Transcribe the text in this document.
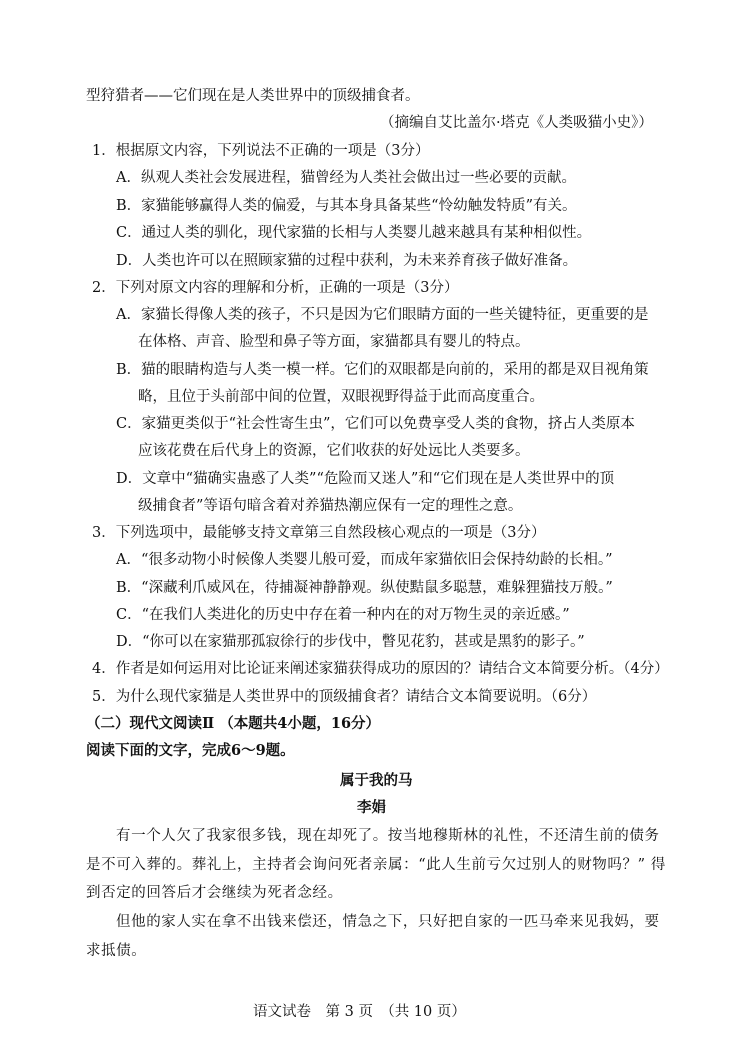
型狩猎者——它们现在是人类世界中的顶级捕食者。
（摘编自艾比盖尔·塔克《人类吸猫小史》）
1．根据原文内容，下列说法不正确的一项是（3分）
A．纵观人类社会发展进程，猫曾经为人类社会做出过一些必要的贡献。
B．家猫能够赢得人类的偏爱，与其本身具备某些“怜幼触发特质”有关。
C．通过人类的驯化，现代家猫的长相与人类婴儿越来越具有某种相似性。
D．人类也许可以在照顾家猫的过程中获利，为未来养育孩子做好准备。
2．下列对原文内容的理解和分析，正确的一项是（3分）
A．家猫长得像人类的孩子，不只是因为它们眼睛方面的一些关键特征，更重要的是
在体格、声音、脸型和鼻子等方面，家猫都具有婴儿的特点。
B．猫的眼睛构造与人类一模一样。它们的双眼都是向前的，采用的都是双目视角策
略，且位于头前部中间的位置，双眼视野得益于此而高度重合。
C．家猫更类似于“社会性寄生虫”，它们可以免费享受人类的食物，挤占人类原本
应该花费在后代身上的资源，它们收获的好处远比人类要多。
D．文章中“猫确实蛊惑了人类”“危险而又迷人”和“它们现在是人类世界中的顶
级捕食者”等语句暗含着对养猫热潮应保有一定的理性之意。
3．下列选项中，最能够支持文章第三自然段核心观点的一项是（3分）
A．“很多动物小时候像人类婴儿般可爱，而成年家猫依旧会保持幼龄的长相。”
B．“深藏利爪威风在，待捕凝神静静观。纵使黠鼠多聪慧，难躲狸猫技万般。”
C．“在我们人类进化的历史中存在着一种内在的对万物生灵的亲近感。”
D．“你可以在家猫那孤寂徐行的步伐中，瞥见花豹，甚或是黑豹的影子。”
4．作者是如何运用对比论证来阐述家猫获得成功的原因的？请结合文本简要分析。（4分）
5．为什么现代家猫是人类世界中的顶级捕食者？请结合文本简要说明。（6分）
（二）现代文阅读Ⅱ （本题共4小题，16分）
阅读下面的文字，完成6～9题。
属于我的马
李娟
有一个人欠了我家很多钱，现在却死了。按当地穆斯林的礼性，不还清生前的债务
是不可入葬的。葬礼上，主持者会询问死者亲属：“此人生前亏欠过别人的财物吗？” 得
到否定的回答后才会继续为死者念经。
但他的家人实在拿不出钱来偿还，情急之下，只好把自家的一匹马牵来见我妈，要
求抵债。
语文试卷　第 3 页　（共 10 页）
